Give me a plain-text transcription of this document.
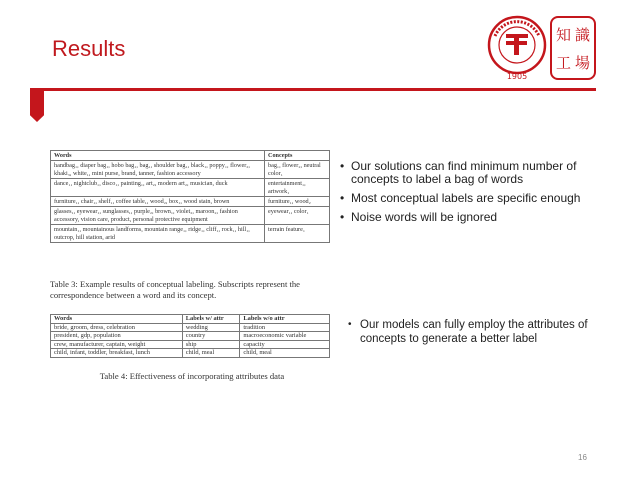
Results
1905
知 識
工 場
Words	Concepts
handbag₁, diaper bag₁, hobo bag₁, bag₁, shoulder bag₁, black₁, poppy₁, flower₂, khaki₃, white₁, mini purse, brand, tanner, fashion accessory	bag₁, flower₂, neutral color₁
dance₁, nightclub₁, disco₁, painting₁, art₂, modern art₂, musician, duck	entertainment₁, artwork₁
furniture₁, chair₁, shelf₁, coffee table₁, wood₂, box₁, wood stain, brown	furniture₁, wood₂
glasses₁, eyewear₁, sunglasses₁, purple₂, brown₁, violet₂, maroon₂, fashion accessory, vision care, product, personal protective equipment	eyewear₁, color₁
mountain₁, mountainous landforms, mountain range₁, ridge₁, cliff₁, rock₁, hill₁, outcrop, hill station, arid	terrain feature₁
Table 3: Example results of conceptual labeling. Subscripts represent the correspondence between a word and its concept.
Words	Labels w/ attr	Labels w/o attr
bride, groom, dress, celebration	wedding	tradition
president, gdp, population	country	macroeconomic variable
crew, manufacturer, captain, weight	ship	capacity
child, infant, toddler, breakfast, lunch	child, meal	child, meal
Table 4: Effectiveness of incorporating attributes data
• Our solutions can find minimum number of concepts to label a bag of words
• Most conceptual labels are specific enough
• Noise words will be ignored
• Our models can fully employ the attributes of concepts to generate a better label
16
